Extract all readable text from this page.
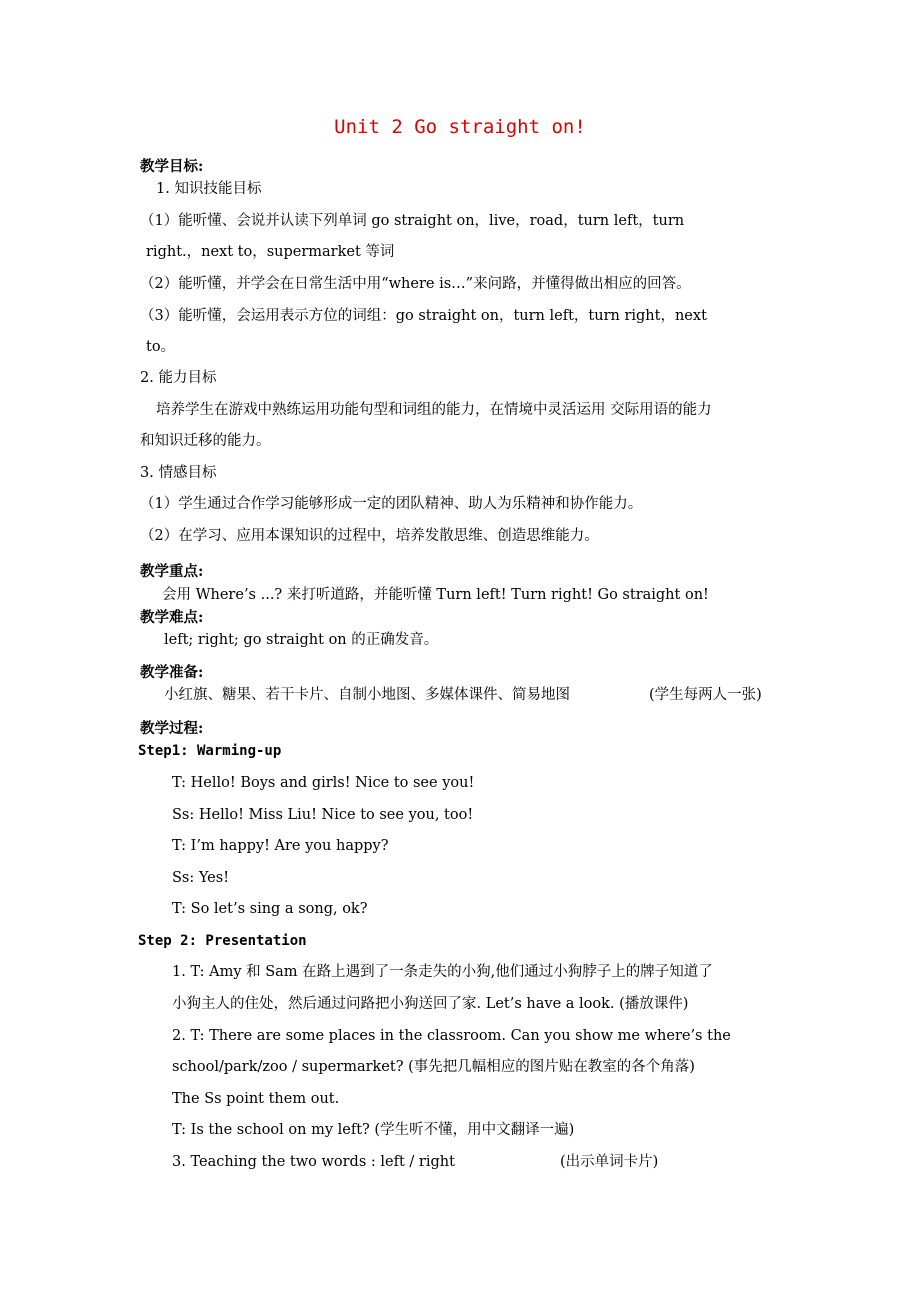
Unit 2 Go straight on!
教学目标:
1. 知识技能目标
（1）能听懂、会说并认读下列单词 go straight on，live，road，turn left，turn
right.，next to，supermarket 等词
（2）能听懂，并学会在日常生活中用“where is…”来问路，并懂得做出相应的回答。
（3）能听懂，会运用表示方位的词组：go straight on，turn left，turn right，next
to。
2. 能力目标
培养学生在游戏中熟练运用功能句型和词组的能力，在情境中灵活运用 交际用语的能力
和知识迁移的能力。
3. 情感目标
（1）学生通过合作学习能够形成一定的团队精神、助人为乐精神和协作能力。
（2）在学习、应用本课知识的过程中，培养发散思维、创造思维能力。
教学重点:
会用 Where’s ...? 来打听道路，并能听懂 Turn left! Turn right! Go straight on!
教学难点:
left; right; go straight on 的正确发音。
教学准备:
小红旗、糖果、若干卡片、自制小地图、多媒体课件、简易地图	(学生每两人一张)
教学过程:
Step1: Warming-up
T: Hello! Boys and girls! Nice to see you!
Ss: Hello! Miss Liu! Nice to see you, too!
T: I’m happy! Are you happy?
Ss: Yes!
T: So let’s sing a song, ok?
Step 2: Presentation
1. T: Amy 和 Sam 在路上遇到了一条走失的小狗,他们通过小狗脖子上的牌子知道了
小狗主人的住处，然后通过问路把小狗送回了家. Let’s have a look. (播放课件)
2. T: There are some places in the classroom. Can you show me where’s the
school/park/zoo / supermarket? (事先把几幅相应的图片贴在教室的各个角落)
The Ss point them out.
T: Is the school on my left? (学生听不懂，用中文翻译一遍)
3. Teaching the two words : left / right	(出示单词卡片)
